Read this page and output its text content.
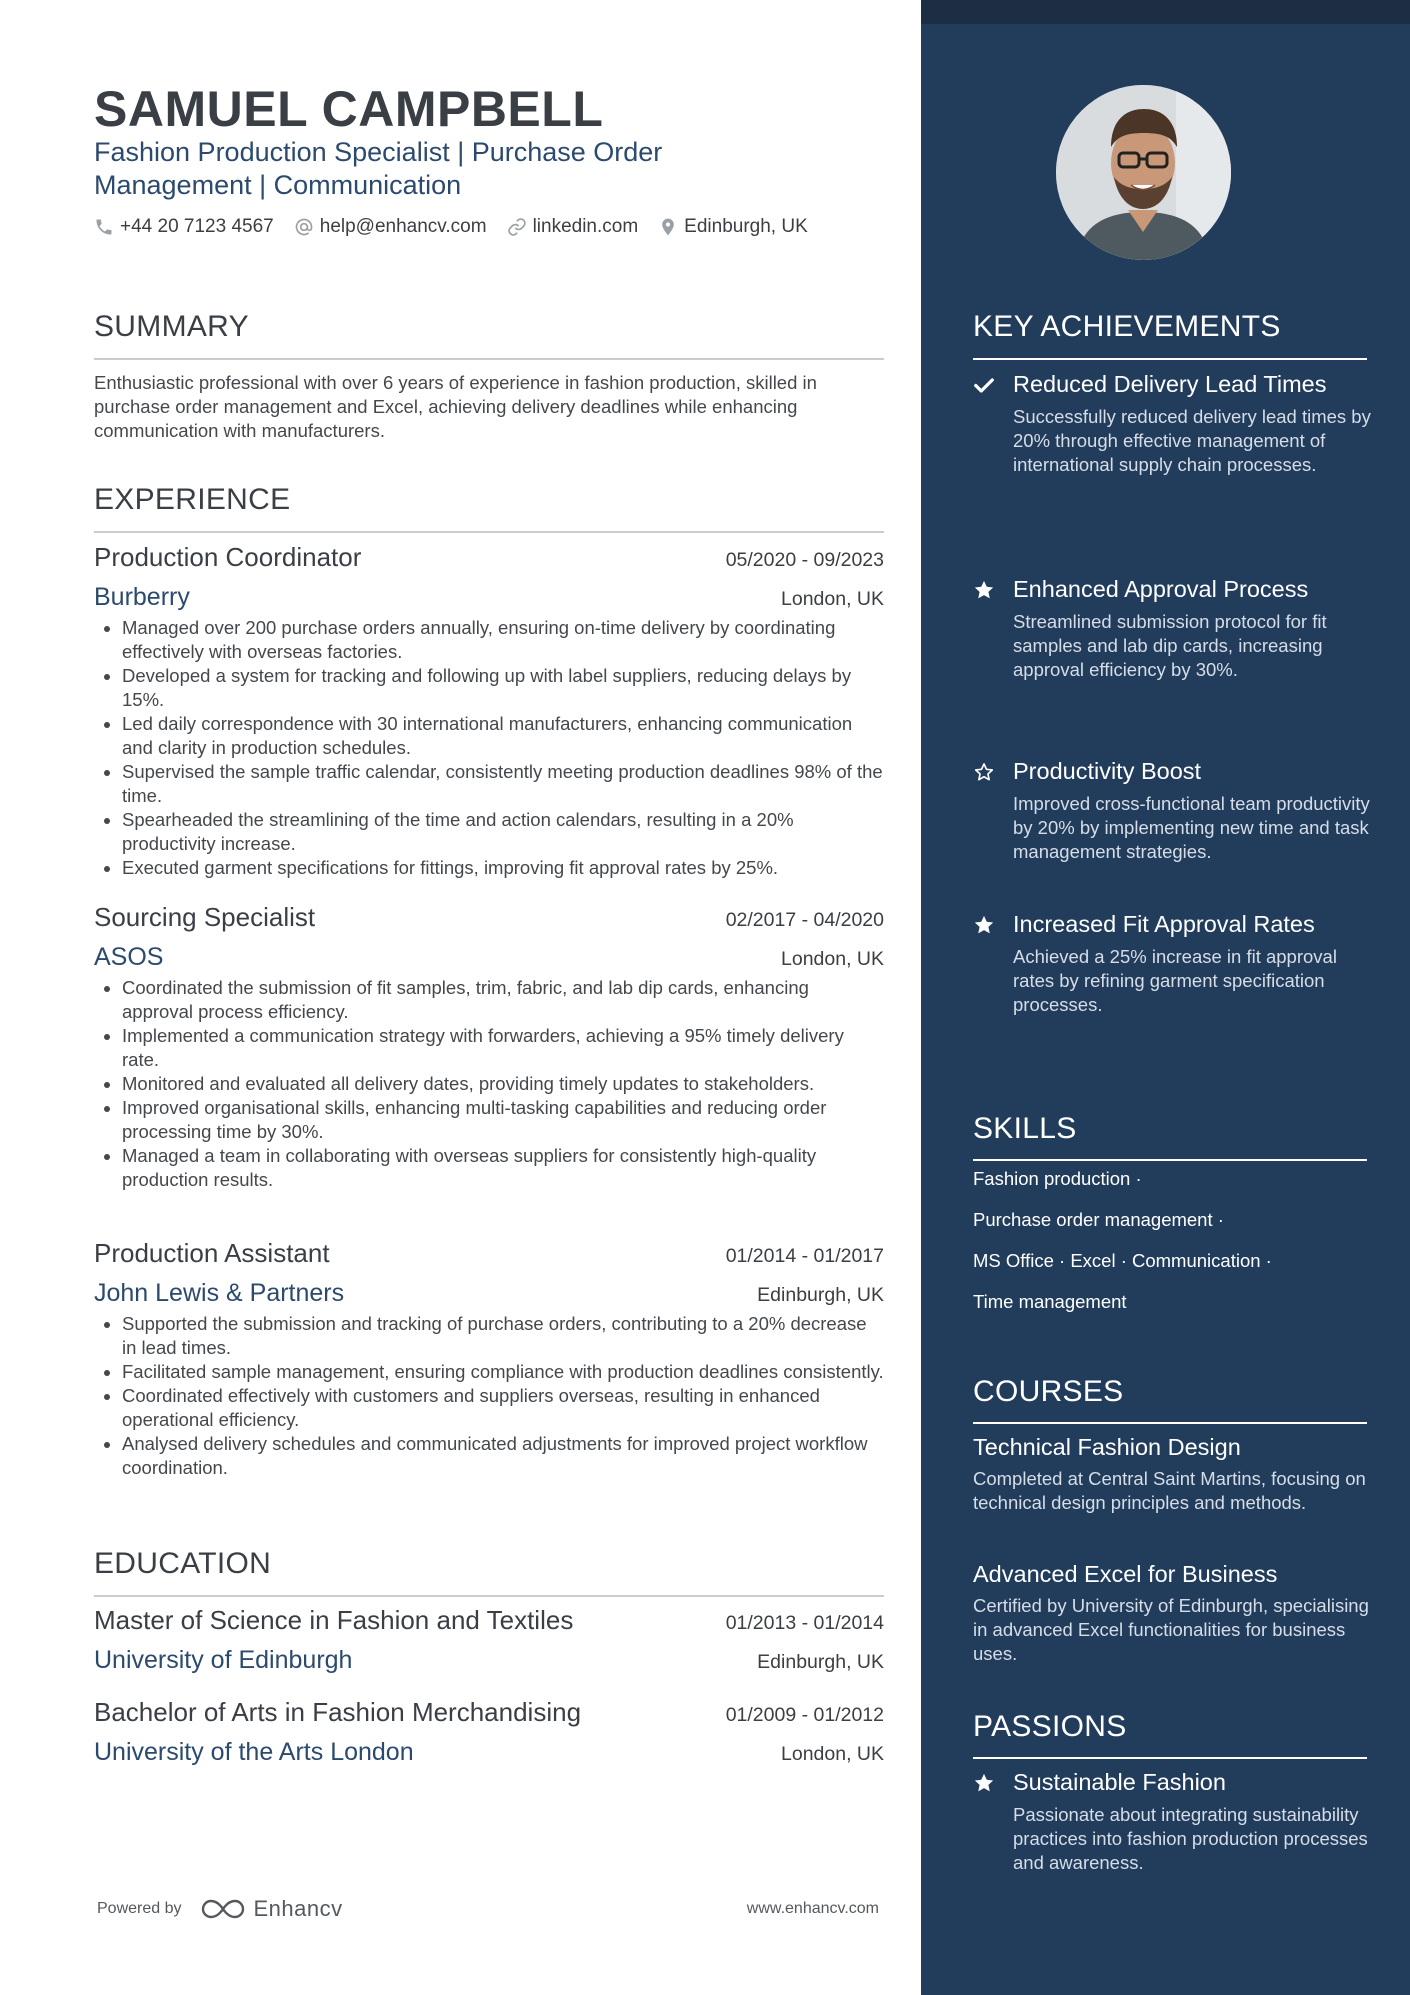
SAMUEL CAMPBELL
Fashion Production Specialist | Purchase Order Management | Communication
+44 20 7123 4567 help@enhancv.com linkedin.com Edinburgh, UK
SUMMARY
Enthusiastic professional with over 6 years of experience in fashion production, skilled in purchase order management and Excel, achieving delivery deadlines while enhancing communication with manufacturers.
EXPERIENCE
Production Coordinator	05/2020 - 09/2023
Burberry	London, UK
• Managed over 200 purchase orders annually, ensuring on-time delivery by coordinating effectively with overseas factories.
• Developed a system for tracking and following up with label suppliers, reducing delays by 15%.
• Led daily correspondence with 30 international manufacturers, enhancing communication and clarity in production schedules.
• Supervised the sample traffic calendar, consistently meeting production deadlines 98% of the time.
• Spearheaded the streamlining of the time and action calendars, resulting in a 20% productivity increase.
• Executed garment specifications for fittings, improving fit approval rates by 25%.
Sourcing Specialist	02/2017 - 04/2020
ASOS	London, UK
• Coordinated the submission of fit samples, trim, fabric, and lab dip cards, enhancing approval process efficiency.
• Implemented a communication strategy with forwarders, achieving a 95% timely delivery rate.
• Monitored and evaluated all delivery dates, providing timely updates to stakeholders.
• Improved organisational skills, enhancing multi-tasking capabilities and reducing order processing time by 30%.
• Managed a team in collaborating with overseas suppliers for consistently high-quality production results.
Production Assistant	01/2014 - 01/2017
John Lewis & Partners	Edinburgh, UK
• Supported the submission and tracking of purchase orders, contributing to a 20% decrease in lead times.
• Facilitated sample management, ensuring compliance with production deadlines consistently.
• Coordinated effectively with customers and suppliers overseas, resulting in enhanced operational efficiency.
• Analysed delivery schedules and communicated adjustments for improved project workflow coordination.
EDUCATION
Master of Science in Fashion and Textiles	01/2013 - 01/2014
University of Edinburgh	Edinburgh, UK
Bachelor of Arts in Fashion Merchandising	01/2009 - 01/2012
University of the Arts London	London, UK
Powered by	Enhancv	www.enhancv.com
KEY ACHIEVEMENTS
Reduced Delivery Lead Times
Successfully reduced delivery lead times by 20% through effective management of international supply chain processes.
Enhanced Approval Process
Streamlined submission protocol for fit samples and lab dip cards, increasing approval efficiency by 30%.
Productivity Boost
Improved cross-functional team productivity by 20% by implementing new time and task management strategies.
Increased Fit Approval Rates
Achieved a 25% increase in fit approval rates by refining garment specification processes.
SKILLS
Fashion production ·
Purchase order management ·
MS Office · Excel · Communication ·
Time management
COURSES
Technical Fashion Design
Completed at Central Saint Martins, focusing on technical design principles and methods.
Advanced Excel for Business
Certified by University of Edinburgh, specialising in advanced Excel functionalities for business uses.
PASSIONS
Sustainable Fashion
Passionate about integrating sustainability practices into fashion production processes and awareness.
